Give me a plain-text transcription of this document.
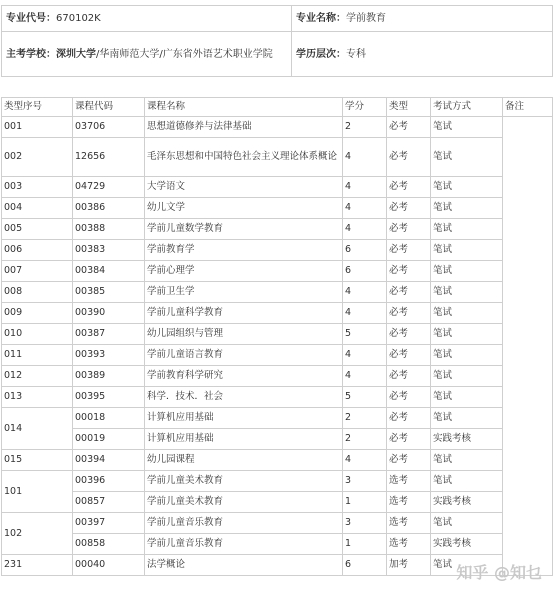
专业代号：670102K	专业名称：学前教育
主考学校：深圳大学/华南师范大学/广东省外语艺术职业学院	学历层次：专科
类型序号	课程代码	课程名称	学分	类型	考试方式	备注
001	03706	思想道德修养与法律基础	2	必考	笔试	
002	12656	毛泽东思想和中国特色社会主义理论体系概论	4	必考	笔试	
003	04729	大学语文	4	必考	笔试	
004	00386	幼儿文学	4	必考	笔试	
005	00388	学前儿童数学教育	4	必考	笔试	
006	00383	学前教育学	6	必考	笔试	
007	00384	学前心理学	6	必考	笔试	
008	00385	学前卫生学	4	必考	笔试	
009	00390	学前儿童科学教育	4	必考	笔试	
010	00387	幼儿园组织与管理	5	必考	笔试	
011	00393	学前儿童语言教育	4	必考	笔试	
012	00389	学前教育科学研究	4	必考	笔试	
013	00395	科学．技术．社会	5	必考	笔试	
014	00018	计算机应用基础	2	必考	笔试	
	00019	计算机应用基础	2	必考	实践考核	
015	00394	幼儿园课程	4	必考	笔试	
101	00396	学前儿童美术教育	3	选考	笔试	
	00857	学前儿童美术教育	1	选考	实践考核	
102	00397	学前儿童音乐教育	3	选考	笔试	
	00858	学前儿童音乐教育	1	选考	实践考核	
231	00040	法学概论	6	加考	笔试	知乎 @知乜
